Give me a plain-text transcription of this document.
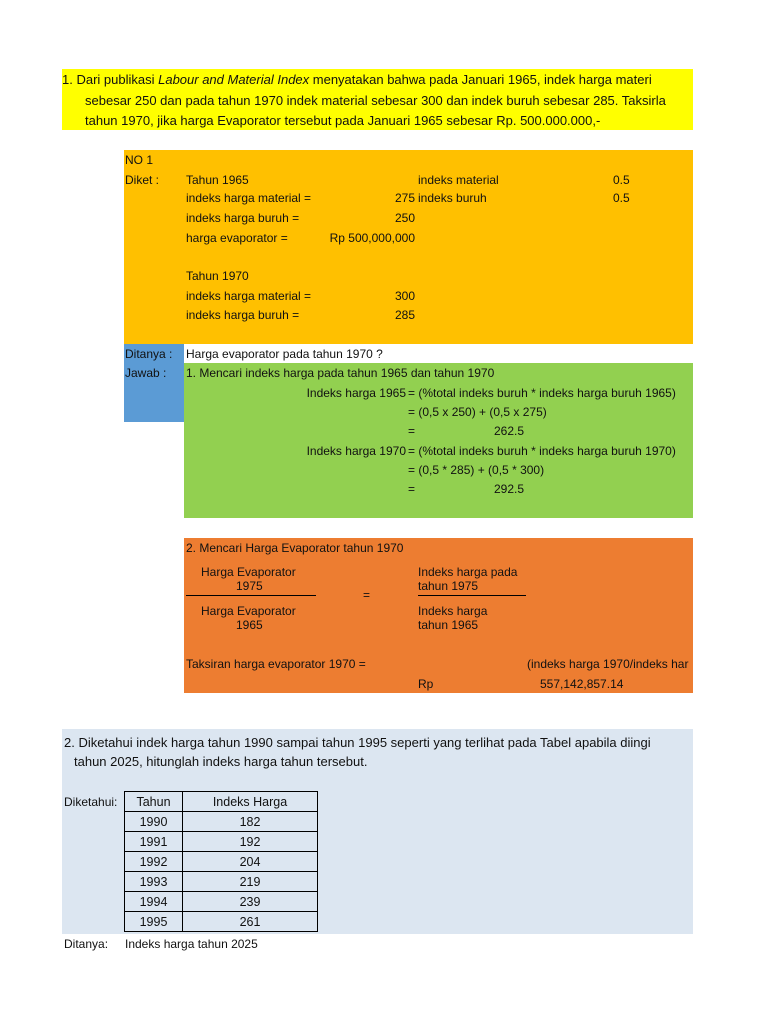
1. Dari publikasi Labour and Material Index menyatakan bahwa pada Januari 1965, indek harga materi
sebesar 250 dan pada tahun 1970 indek material sebesar 300 dan indek buruh sebesar 285. Taksirla
tahun 1970, jika harga Evaporator tersebut pada Januari 1965 sebesar Rp. 500.000.000,-
NO 1
Diket : Tahun 1965	indeks material	0.5
indeks harga material =	275 indeks buruh	0.5
indeks harga buruh =	250
harga evaporator =	Rp 500,000,000
Tahun 1970
indeks harga material =	300
indeks harga buruh =	285
Ditanya : Harga evaporator pada tahun 1970 ?
Jawab : 1. Mencari indeks harga pada tahun 1965 dan tahun 1970
Indeks harga 1965 = (%total indeks buruh * indeks harga buruh 1965)
= (0,5 x 250) + (0,5 x 275)
=	262.5
Indeks harga 1970 = (%total indeks buruh * indeks harga buruh 1970)
= (0,5 * 285) + (0,5 * 300)
=	292.5
2. Mencari Harga Evaporator tahun 1970
Harga Evaporator
1975
Harga Evaporator
1965
=
Indeks harga pada
tahun 1975
Indeks harga
tahun 1965
Taksiran harga evaporator 1970 =	(indeks harga 1970/indeks har
Rp	557,142,857.14
2. Diketahui indek harga tahun 1990 sampai tahun 1995 seperti yang terlihat pada Tabel apabila diingi
tahun 2025, hitunglah indeks harga tahun tersebut.
Diketahui: Tahun	Indeks Harga
1990	182
1991	192
1992	204
1993	219
1994	239
1995	261
Ditanya: Indeks harga tahun 2025
